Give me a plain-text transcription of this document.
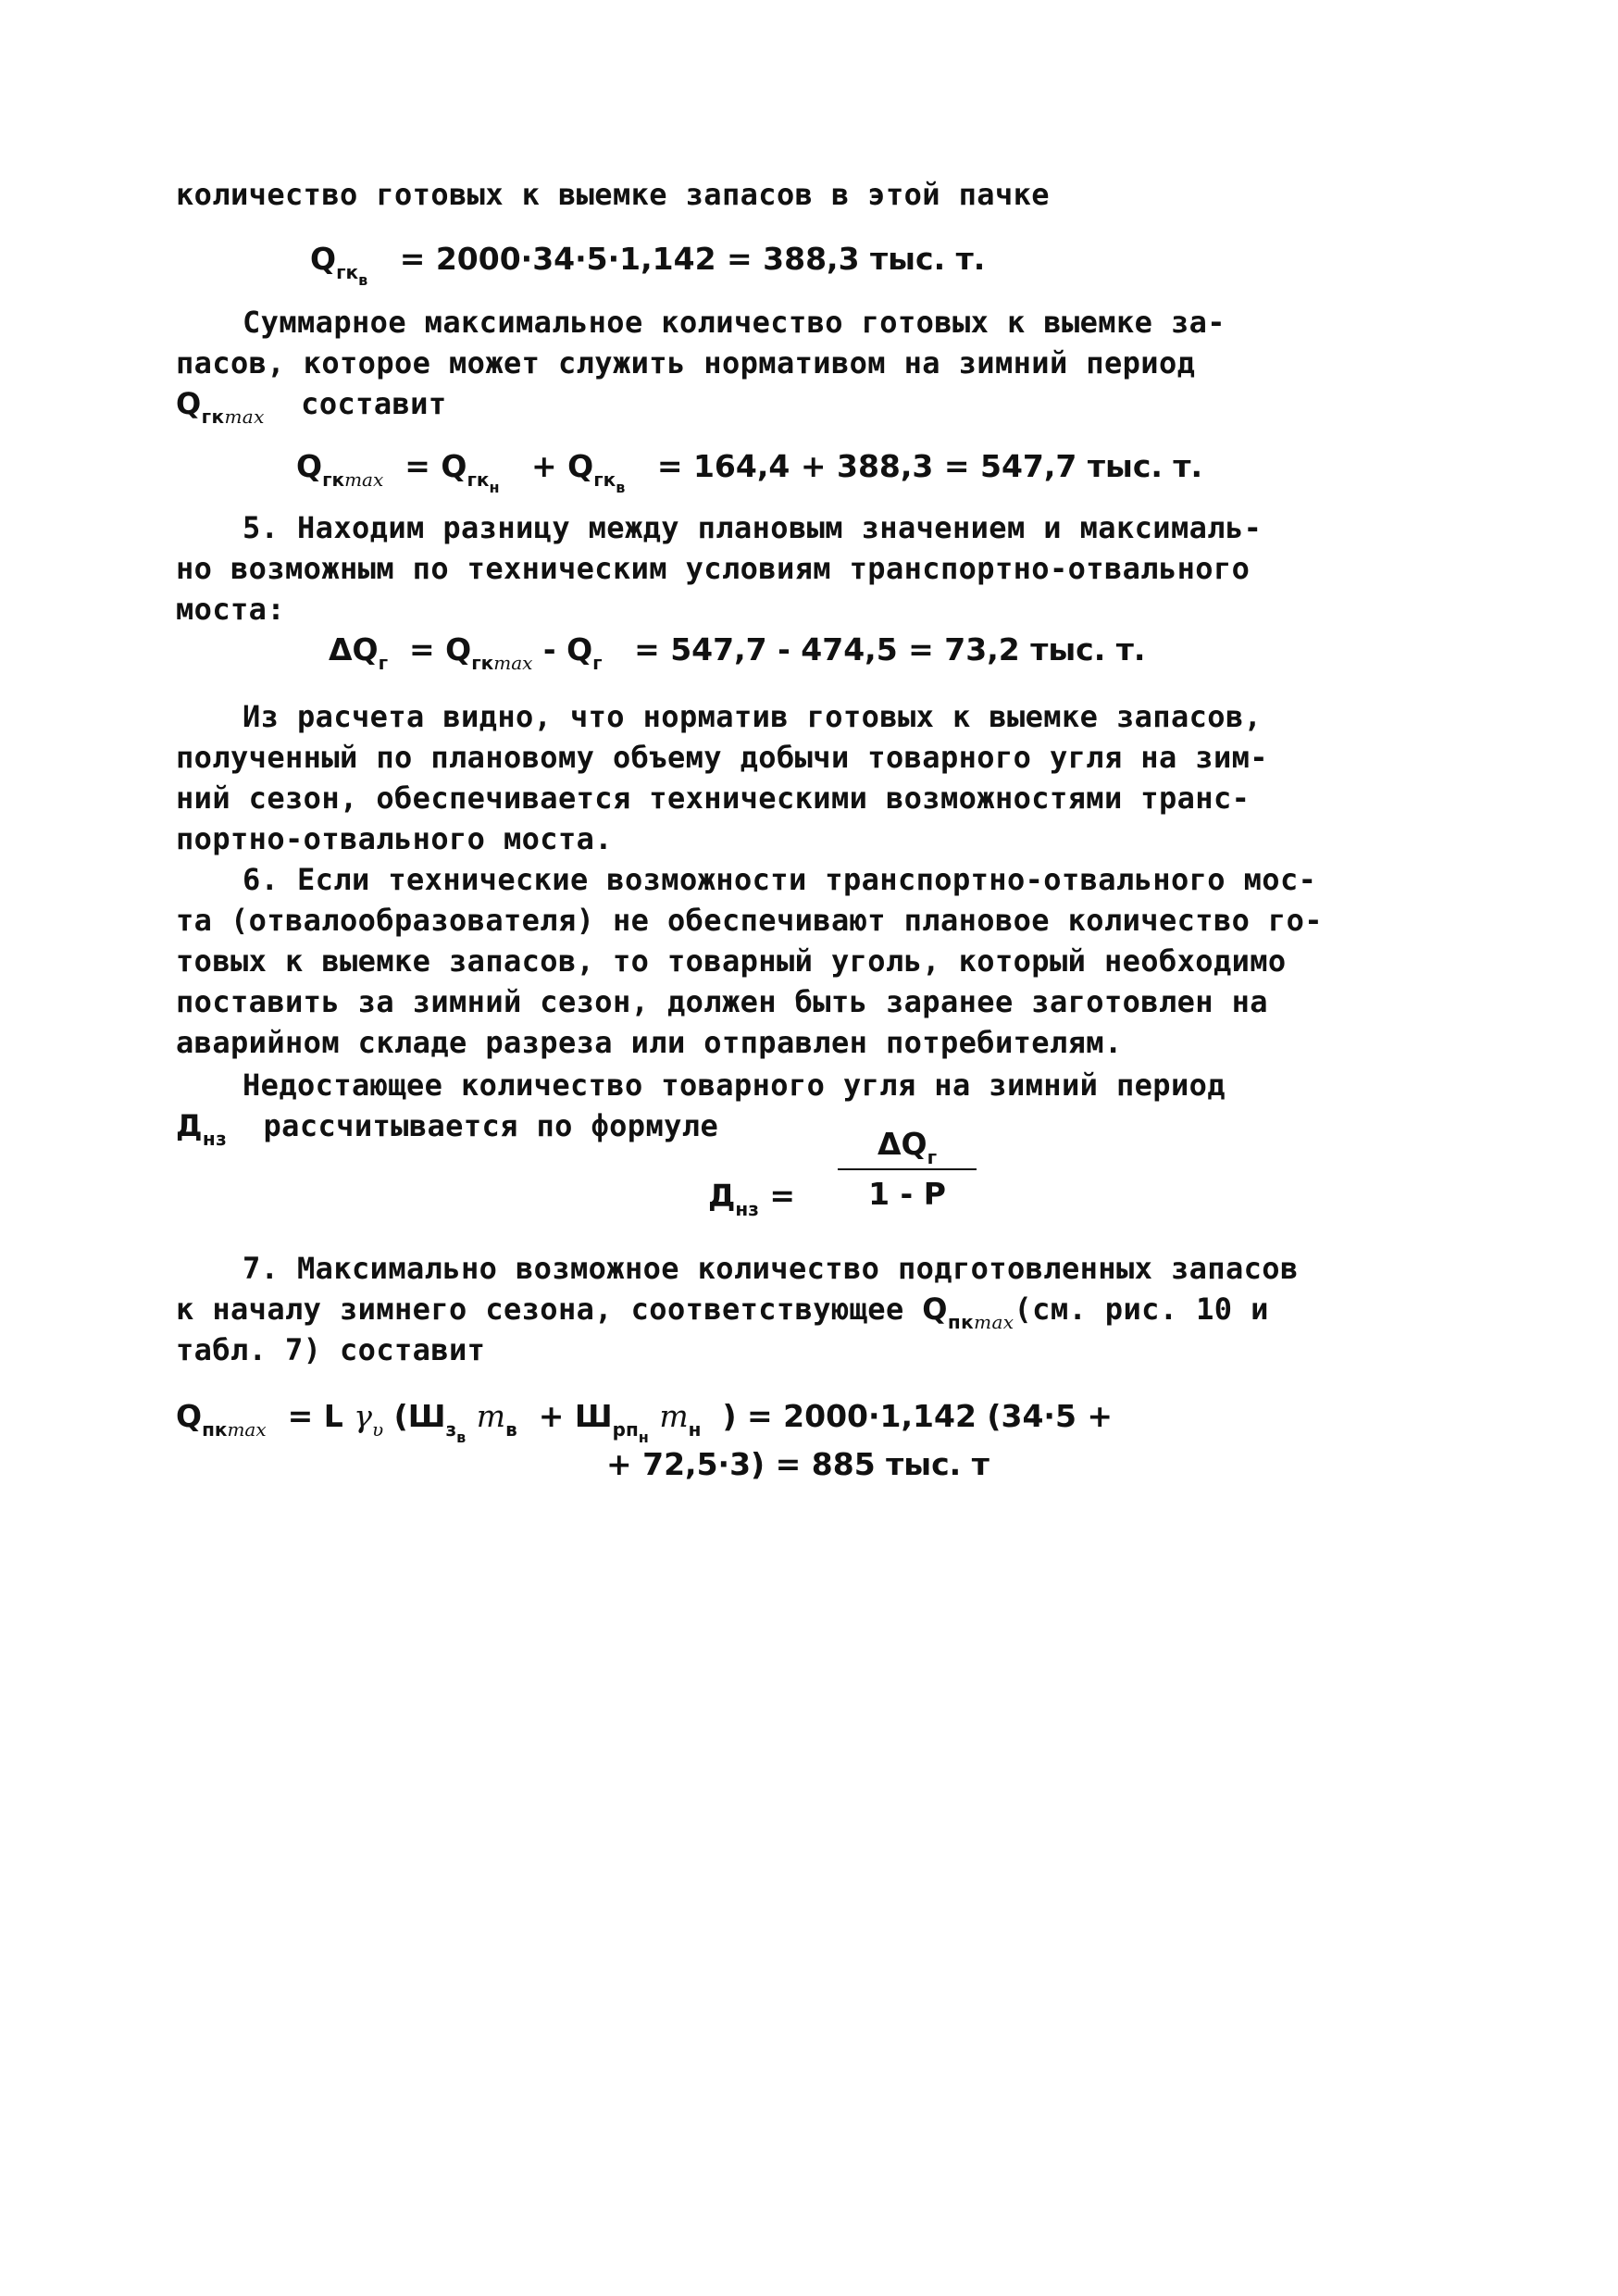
количество готовых к выемке запасов в этой пачке
$Q_{гк_в} = 2000\cdot 34\cdot 5\cdot 1,142 = 388,3$ тыс. т.
Суммарное максимальное количество готовых к выемке за-
пасов, которое может служить нормативом на зимний период
$Q_{гкmax}$ составит
$Q_{гкmax} = Q_{гк_н} + Q_{гк_в} = 164,4 + 388,3 = 547,7$ тыс. т.
5. Находим разницу между плановым значением и максималь-
но возможным по техническим условиям транспортно-отвального
моста:
$\Delta Q_г = Q_{гкmax} - Q_г = 547,7 - 474,5 = 73,2$ тыс. т.
Из расчета видно, что норматив готовых к выемке запасов,
полученный по плановому объему добычи товарного угля на зим-
ний сезон, обеспечивается техническими возможностями транс-
портно-отвального моста.
6. Если технические возможности транспортно-отвального мос-
та (отвалообразователя) не обеспечивают плановое количество го-
товых к выемке запасов, то товарный уголь, который необходимо
поставить за зимний сезон, должен быть заранее заготовлен на
аварийном складе разреза или отправлен потребителям.
Недостающее количество товарного угля на зимний период
$Д_{нз}$ рассчитывается по формуле
$Д_{нз}$ =
$\Delta Q_г$
1 - P
7. Максимально возможное количество подготовленных запасов
к началу зимнего сезона, соответствующее $Q_{пкmax}(см$. рис. 10 и
табл. 7) составит
$Q_{пкmax} = L$ $\gamma_\upsilon$ ($Ш_{з_в}$ $m_в + Ш_{рп_н}$ $m_н$ ) = 2000·1,142 (34·5 +
+ 72,5·3) = 885 тыс. т
